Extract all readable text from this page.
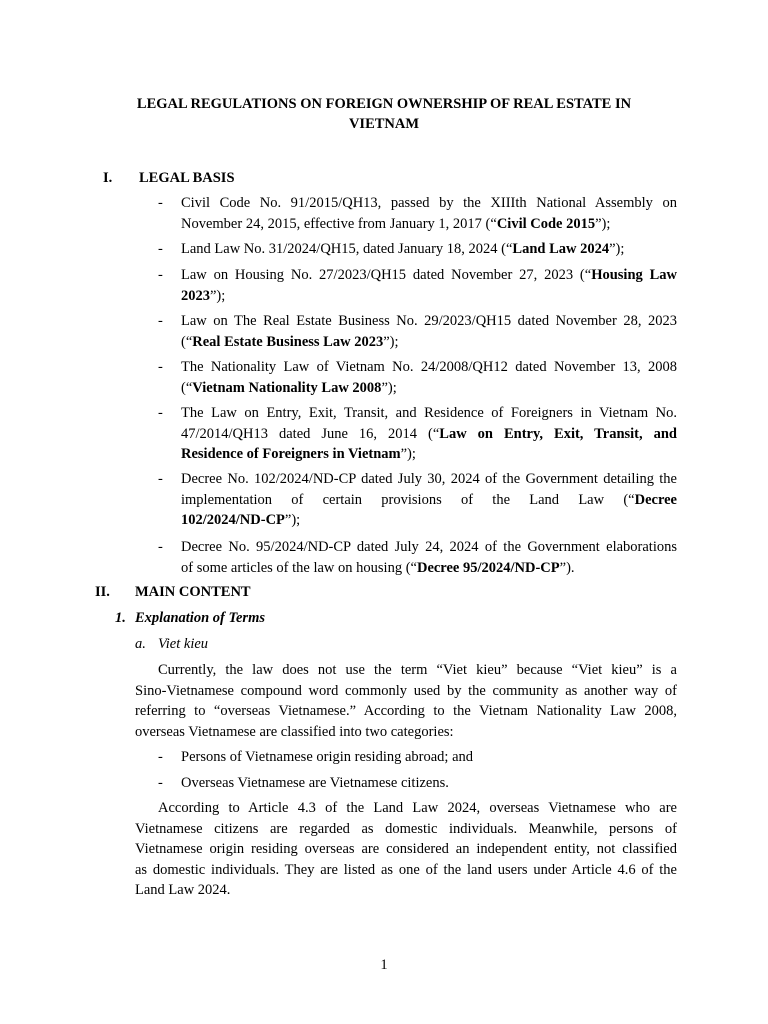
LEGAL REGULATIONS ON FOREIGN OWNERSHIP OF REAL ESTATE IN
VIETNAM
I. LEGAL BASIS
- Civil Code No. 91/2015/QH13, passed by the XIIIth National Assembly on
November 24, 2015, effective from January 1, 2017 (“Civil Code 2015”);
- Land Law No. 31/2024/QH15, dated January 18, 2024 (“Land Law 2024”);
- Law on Housing No. 27/2023/QH15 dated November 27, 2023 (“Housing Law
2023”);
- Law on The Real Estate Business No. 29/2023/QH15 dated November 28, 2023
(“Real Estate Business Law 2023”);
- The Nationality Law of Vietnam No. 24/2008/QH12 dated November 13, 2008
(“Vietnam Nationality Law 2008”);
- The Law on Entry, Exit, Transit, and Residence of Foreigners in Vietnam No.
47/2014/QH13 dated June 16, 2014 (“Law on Entry, Exit, Transit, and
Residence of Foreigners in Vietnam”);
- Decree No. 102/2024/ND-CP dated July 30, 2024 of the Government detailing the
implementation of certain provisions of the Land Law (“Decree
102/2024/ND-CP”);
- Decree No. 95/2024/ND-CP dated July 24, 2024 of the Government elaborations
of some articles of the law on housing (“Decree 95/2024/ND-CP”).
II. MAIN CONTENT
1. Explanation of Terms
a. Viet kieu
Currently, the law does not use the term “Viet kieu” because “Viet kieu” is a
Sino-Vietnamese compound word commonly used by the community as another way of
referring to “overseas Vietnamese.” According to the Vietnam Nationality Law 2008,
overseas Vietnamese are classified into two categories:
- Persons of Vietnamese origin residing abroad; and
- Overseas Vietnamese are Vietnamese citizens.
According to Article 4.3 of the Land Law 2024, overseas Vietnamese who are
Vietnamese citizens are regarded as domestic individuals. Meanwhile, persons of
Vietnamese origin residing overseas are considered an independent entity, not classified
as domestic individuals. They are listed as one of the land users under Article 4.6 of the
Land Law 2024.
1
